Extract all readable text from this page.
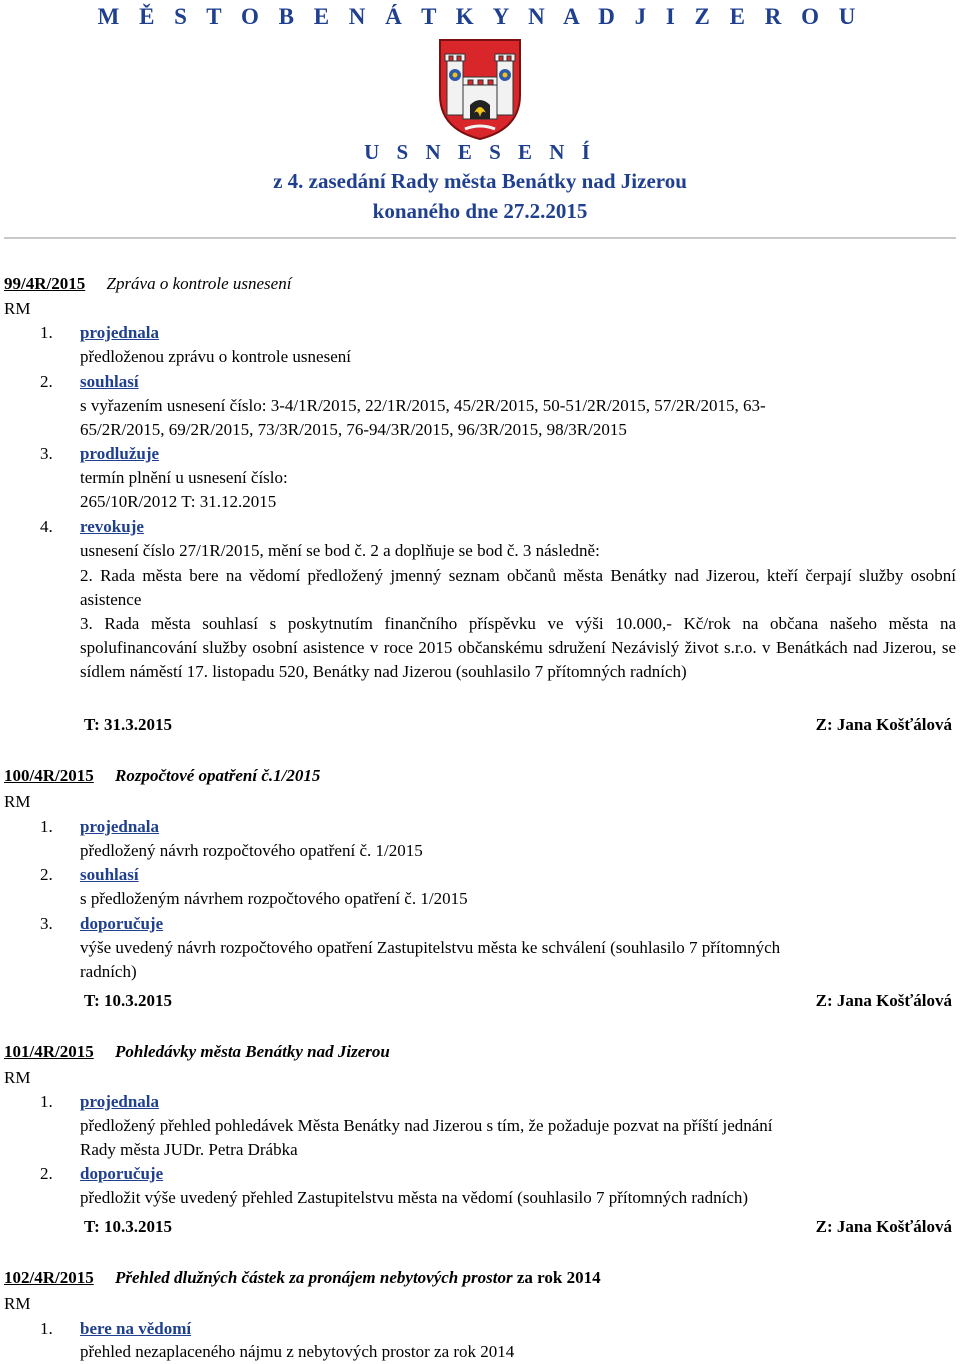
M Ě S T O B E N Á T K Y N A D J I Z E R O U
U S N E S E N Í
z 4. zasedání Rady města Benátky nad Jizerou
konaného dne 27.2.2015
99/4R/2015 Zpráva o kontrole usnesení
RM
1. projednala
předloženou zprávu o kontrole usnesení
2. souhlasí
s vyřazením usnesení číslo: 3-4/1R/2015, 22/1R/2015, 45/2R/2015, 50-51/2R/2015, 57/2R/2015, 63-
65/2R/2015, 69/2R/2015, 73/3R/2015, 76-94/3R/2015, 96/3R/2015, 98/3R/2015
3. prodlužuje
termín plnění u usnesení číslo:
265/10R/2012 T: 31.12.2015
4. revokuje
usnesení číslo 27/1R/2015, mění se bod č. 2 a doplňuje se bod č. 3 následně:
2. Rada města bere na vědomí předložený jmenný seznam občanů města Benátky nad Jizerou, kteří čerpají služby osobní asistence
3. Rada města souhlasí s poskytnutím finančního příspěvku ve výši 10.000,- Kč/rok na občana našeho města na spolufinancování služby osobní asistence v roce 2015 občanskému sdružení Nezávislý život s.r.o. v Benátkách nad Jizerou, se sídlem náměstí 17. listopadu 520, Benátky nad Jizerou (souhlasilo 7 přítomných radních)
T: 31.3.2015	Z: Jana Košťálová
100/4R/2015 Rozpočtové opatření č.1/2015
RM
1. projednala
předložený návrh rozpočtového opatření č. 1/2015
2. souhlasí
s předloženým návrhem rozpočtového opatření č. 1/2015
3. doporučuje
výše uvedený návrh rozpočtového opatření Zastupitelstvu města ke schválení (souhlasilo 7 přítomných
radních)
T: 10.3.2015	Z: Jana Košťálová
101/4R/2015 Pohledávky města Benátky nad Jizerou
RM
1. projednala
předložený přehled pohledávek Města Benátky nad Jizerou s tím, že požaduje pozvat na příští jednání
Rady města JUDr. Petra Drábka
2. doporučuje
předložit výše uvedený přehled Zastupitelstvu města na vědomí (souhlasilo 7 přítomných radních)
T: 10.3.2015	Z: Jana Košťálová
102/4R/2015 Přehled dlužných částek za pronájem nebytových prostor za rok 2014
RM
1. bere na vědomí
přehled nezaplaceného nájmu z nebytových prostor za rok 2014
